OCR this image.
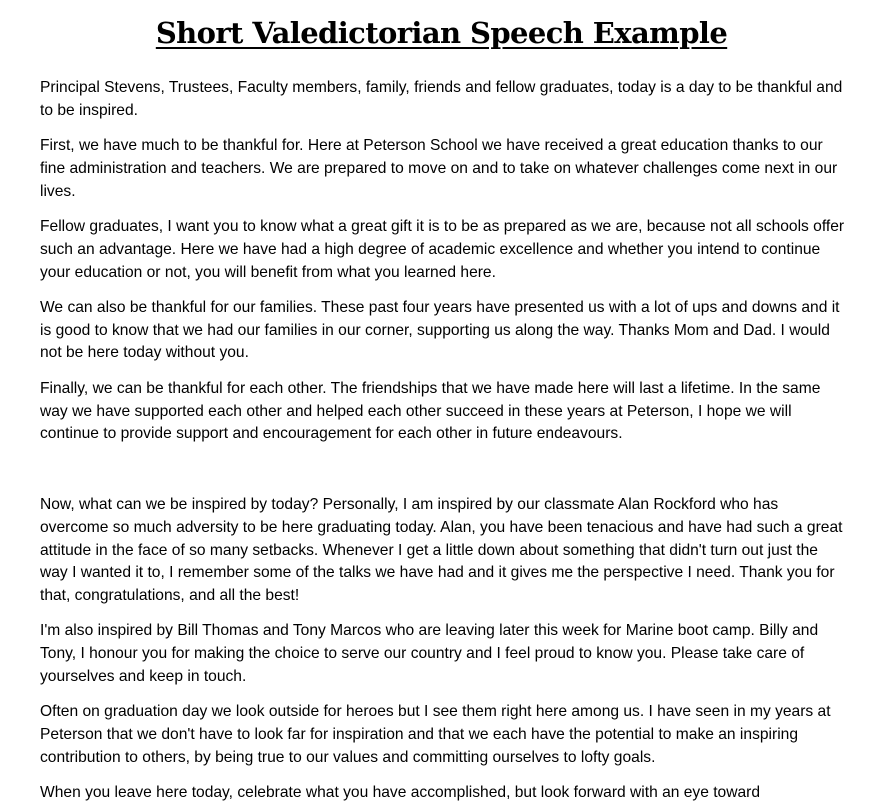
Short Valedictorian Speech Example

Principal Stevens, Trustees, Faculty members, family, friends and fellow graduates, today is a day to be thankful and to be inspired.

First, we have much to be thankful for. Here at Peterson School we have received a great education thanks to our fine administration and teachers. We are prepared to move on and to take on whatever challenges come next in our lives.

Fellow graduates, I want you to know what a great gift it is to be as prepared as we are, because not all schools offer such an advantage. Here we have had a high degree of academic excellence and whether you intend to continue your education or not, you will benefit from what you learned here.

We can also be thankful for our families. These past four years have presented us with a lot of ups and downs and it is good to know that we had our families in our corner, supporting us along the way. Thanks Mom and Dad. I would not be here today without you.

Finally, we can be thankful for each other. The friendships that we have made here will last a lifetime. In the same way we have supported each other and helped each other succeed in these years at Peterson, I hope we will continue to provide support and encouragement for each other in future endeavours.

Now, what can we be inspired by today? Personally, I am inspired by our classmate Alan Rockford who has overcome so much adversity to be here graduating today. Alan, you have been tenacious and have had such a great attitude in the face of so many setbacks. Whenever I get a little down about something that didn't turn out just the way I wanted it to, I remember some of the talks we have had and it gives me the perspective I need. Thank you for that, congratulations, and all the best!

I'm also inspired by Bill Thomas and Tony Marcos who are leaving later this week for Marine boot camp. Billy and Tony, I honour you for making the choice to serve our country and I feel proud to know you. Please take care of yourselves and keep in touch.

Often on graduation day we look outside for heroes but I see them right here among us. I have seen in my years at Peterson that we don't have to look far for inspiration and that we each have the potential to make an inspiring contribution to others, by being true to our values and committing ourselves to lofty goals.

When you leave here today, celebrate what you have accomplished, but look forward with an eye toward
